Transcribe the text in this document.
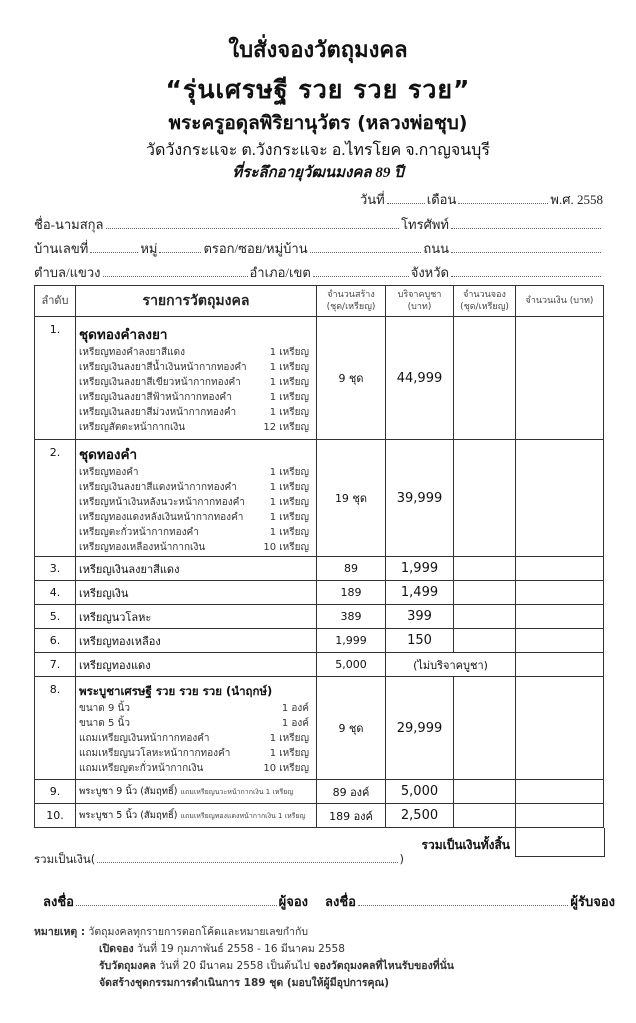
ใบสั่งจองวัตถุมงคล
“รุ่นเศรษฐี รวย รวย รวย”
พระครูอดุลพิริยานุวัตร (หลวงพ่อชุบ)
วัดวังกระแจะ ต.วังกระแจะ อ.ไทรโยค จ.กาญจนบุรี
ที่ระลึกอายุวัฒนมงคล 89 ปี
วันที่	เดือน	พ.ศ. 2558
ชื่อ-นามสกุล	โทรศัพท์
บ้านเลขที่	หมู่	ตรอก/ซอย/หมู่บ้าน	ถนน
ตำบล/แขวง	อำเภอ/เขต	จังหวัด
ลำดับ	รายการวัตถุมงคล	จำนวนสร้าง (ชุด/เหรียญ)	บริจาคบูชา (บาท)	จำนวนจอง (ชุด/เหรียญ)	จำนวนเงิน (บาท)
1.	ชุดทองคำลงยา
เหรียญทองคำลงยาสีแดง	1 เหรียญ
เหรียญเงินลงยาสีน้ำเงินหน้ากากทองคำ 1 เหรียญ
เหรียญเงินลงยาสีเขียวหน้ากากทองคำ	1 เหรียญ
เหรียญเงินลงยาสีฟ้าหน้ากากทองคำ	1 เหรียญ
เหรียญเงินลงยาสีม่วงหน้ากากทองคำ	1 เหรียญ
เหรียญสัตตะหน้ากากเงิน	12 เหรียญ
	9 ชุด	44,999		
2.	ชุดทองคำ
เหรียญทองคำ	1 เหรียญ
เหรียญเงินลงยาสีแดงหน้ากากทองคำ	1 เหรียญ
เหรียญหน้าเงินหลังนวะหน้ากากทองคำ 1 เหรียญ
เหรียญทองแดงหลังเงินหน้ากากทองคำ	1 เหรียญ
เหรียญตะกั่วหน้ากากทองคำ	1 เหรียญ
เหรียญทองเหลืองหน้ากากเงิน	10 เหรียญ
	19 ชุด	39,999		
3.	เหรียญเงินลงยาสีแดง	89	1,999		
4.	เหรียญเงิน	189	1,499		
5.	เหรียญนวโลหะ	389	399		
6.	เหรียญทองเหลือง	1,999	150		
7.	เหรียญทองแดง	5,000	(ไม่บริจาคบูชา)		
8.	พระบูชาเศรษฐี รวย รวย รวย (นำฤกษ์)
ขนาด 9 นิ้ว	1 องค์
ขนาด 5 นิ้ว	1 องค์
แถมเหรียญเงินหน้ากากทองคำ	1 เหรียญ
แถมเหรียญนวโลหะหน้ากากทองคำ	1 เหรียญ
แถมเหรียญตะกั่วหน้ากากเงิน	10 เหรียญ
	9 ชุด	29,999		
9.	พระบูชา 9 นิ้ว (สัมฤทธิ์) แถมเหรียญนวะหน้ากากเงิน 1 เหรียญ	89 องค์	5,000		
10.	พระบูชา 5 นิ้ว (สัมฤทธิ์) แถมเหรียญทองแดงหน้ากากเงิน 1 เหรียญ	189 องค์	2,500		
รวมเป็นเงินทั้งสิ้น
รวมเป็นเงิน(	)
ลงชื่อ	ผู้จอง ลงชื่อ	ผู้รับจอง
หมายเหตุ : วัตถุมงคลทุกรายการตอกโค้ดและหมายเลขกำกับ
เปิดจอง วันที่ 19 กุมภาพันธ์ 2558 - 16 มีนาคม 2558
รับวัตถุมงคล วันที่ 20 มีนาคม 2558 เป็นต้นไป จองวัตถุมงคลที่ไหนรับของที่นั่น
จัดสร้างชุดกรรมการดำเนินการ 189 ชุด (มอบให้ผู้มีอุปการคุณ)
